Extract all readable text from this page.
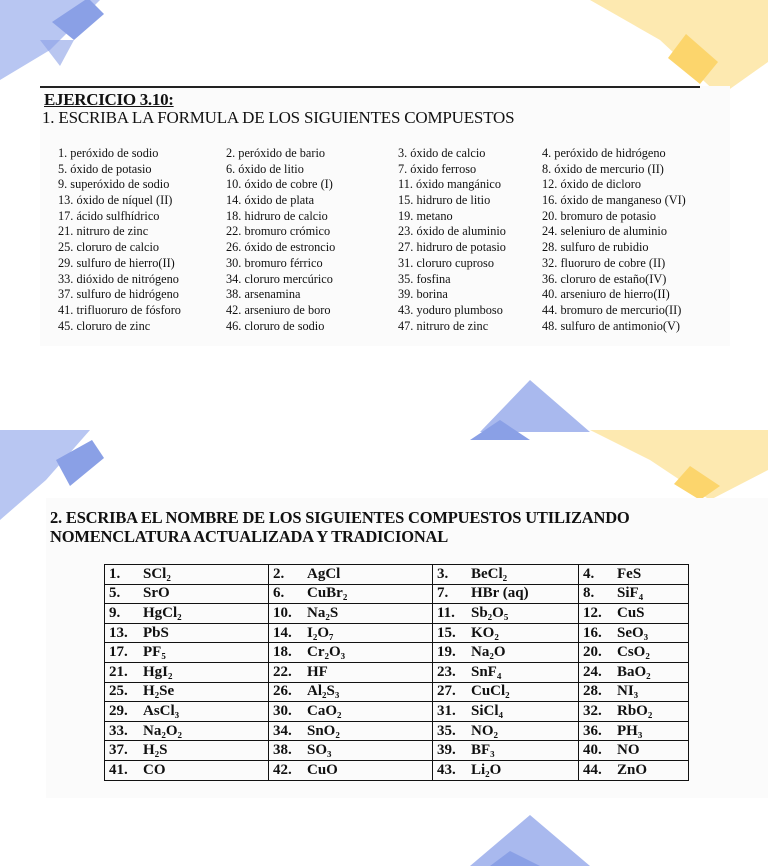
EJERCICIO 3.10:
1. ESCRIBA LA FORMULA DE LOS SIGUIENTES COMPUESTOS
1. peróxido de sodio	2. peróxido de bario	3. óxido de calcio	4. peróxido de hidrógeno
5. óxido de potasio	6. óxido de litio	7. óxido ferroso	8. óxido de mercurio (II)
9. superóxido de sodio	10. óxido de cobre (I)	11. óxido mangánico	12. óxido de dicloro
13. óxido de níquel (II)	14. óxido de plata	15. hidruro de litio	16. óxido de manganeso (VI)
17. ácido sulfhídrico	18. hidruro de calcio	19. metano	20. bromuro de potasio
21. nitruro de zinc	22. bromuro crómico	23. óxido de aluminio	24. seleniuro de aluminio
25. cloruro de calcio	26. óxido de estroncio	27. hidruro de potasio	28. sulfuro de rubidio
29. sulfuro de hierro(II)	30. bromuro férrico	31. cloruro cuproso	32. fluoruro de cobre (II)
33. dióxido de nitrógeno	34. cloruro mercúrico	35. fosfina	36. cloruro de estaño(IV)
37. sulfuro de hidrógeno	38. arsenamina	39. borina	40. arseniuro de hierro(II)
41. trifluoruro de fósforo	42. arseniuro de boro	43. yoduro plumboso	44. bromuro de mercurio(II)
45. cloruro de zinc	46. cloruro de sodio	47. nitruro de zinc	48. sulfuro de antimonio(V)
2. ESCRIBA EL NOMBRE DE LOS SIGUIENTES COMPUESTOS UTILIZANDO
NOMENCLATURA ACTUALIZADA Y TRADICIONAL
1. SCl₂	2. AgCl	3. BeCl₂	4. FeS
5. SrO	6. CuBr₂	7. HBr (aq)	8. SiF₄
9. HgCl₂	10. Na₂S	11. Sb₂O₅	12. CuS
13. PbS	14. I₂O₇	15. KO₂	16. SeO₃
17. PF₅	18. Cr₂O₃	19. Na₂O	20. CsO₂
21. HgI₂	22. HF	23. SnF₄	24. BaO₂
25. H₂Se	26. Al₂S₃	27. CuCl₂	28. NI₃
29. AsCl₃	30. CaO₂	31. SiCl₄	32. RbO₂
33. Na₂O₂	34. SnO₂	35. NO₂	36. PH₃
37. H₂S	38. SO₃	39. BF₃	40. NO
41. CO	42. CuO	43. Li₂O	44. ZnO
